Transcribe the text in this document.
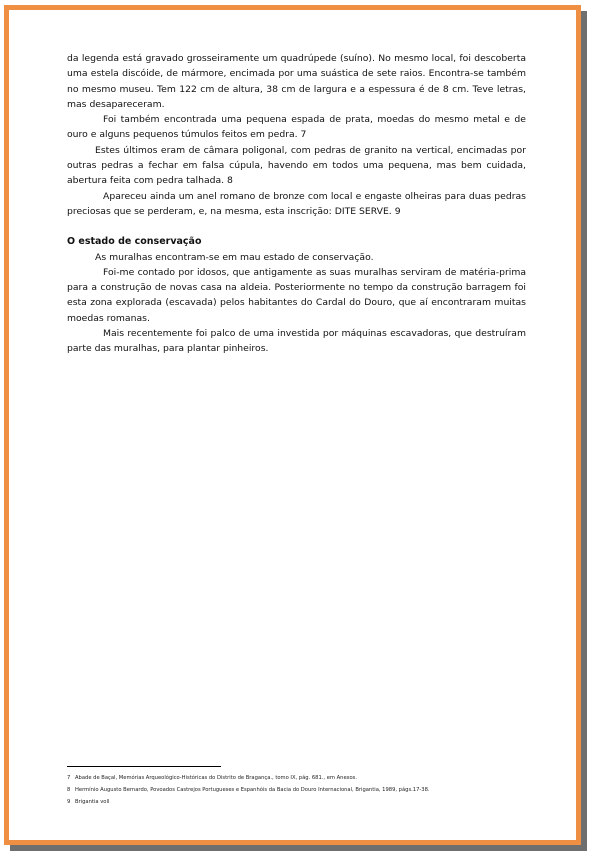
da legenda está gravado grosseiramente um quadrúpede (suíno). No mesmo local, foi descoberta uma estela discóide, de mármore, encimada por uma suástica de sete raios. Encontra-se também no mesmo museu. Tem 122 cm de altura, 38 cm de largura e a espessura é de 8 cm. Teve letras, mas desapareceram.

Foi também encontrada uma pequena espada de prata, moedas do mesmo metal e de ouro e alguns pequenos túmulos feitos em pedra. 7

Estes últimos eram de câmara poligonal, com pedras de granito na vertical, encimadas por outras pedras a fechar em falsa cúpula, havendo em todos uma pequena, mas bem cuidada, abertura feita com pedra talhada. 8

Apareceu ainda um anel romano de bronze com local e engaste olheiras para duas pedras preciosas que se perderam, e, na mesma, esta inscrição: DITE SERVE. 9

O estado de conservação

As muralhas encontram-se em mau estado de conservação.

Foi-me contado por idosos, que antigamente as suas muralhas serviram de matéria-prima para a construção de novas casa na aldeia. Posteriormente no tempo da construção barragem foi esta zona explorada (escavada) pelos habitantes do Cardal do Douro, que aí encontraram muitas moedas romanas.

Mais recentemente foi palco de uma investida por máquinas escavadoras, que destruíram parte das muralhas, para plantar pinheiros.

7 Abade de Baçal, Memórias Arqueológico-Históricas do Distrito de Bragança., tomo IX, pág. 681., em Anexos.
8 Hermínio Augusto Bernardo, Povoados Castrejos Portugueses e Espanhóis da Bacia do Douro Internacional, Brigantia, 1989, págs.17-38.
9 Brigantia voll
